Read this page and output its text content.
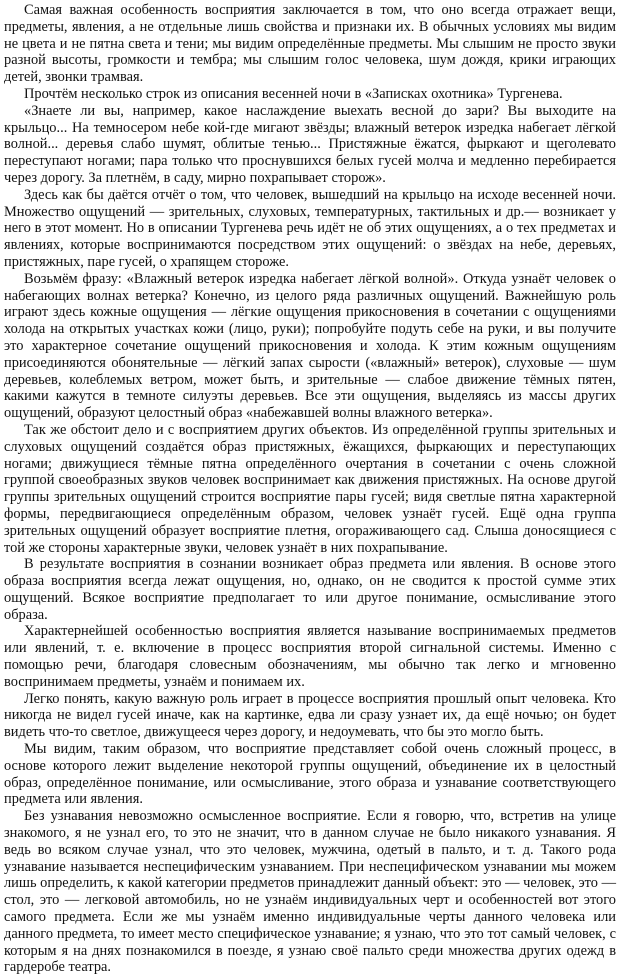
Самая важная особенность восприятия заключается в том, что оно всегда отражает вещи, предметы, явления, а не отдельные лишь свойства и признаки их. В обычных условиях мы видим не цвета и не пятна света и тени; мы видим определённые предметы. Мы слышим не просто звуки разной высоты, громкости и тембра; мы слышим голос человека, шум дождя, крики играющих детей, звонки трамвая.

Прочтём несколько строк из описания весенней ночи в «Записках охотника» Тургенева.

«Знаете ли вы, например, какое наслаждение выехать весной до зари? Вы выходите на крыльцо... На темносером небе кой-где мигают звёзды; влажный ветерок изредка набегает лёгкой волной... деревья слабо шумят, облитые тенью... Пристяжные ёжатся, фыркают и щеголевато переступают ногами; пара только что проснувшихся белых гусей молча и медленно перебирается через дорогу. За плетнём, в саду, мирно похрапывает сторож».

Здесь как бы даётся отчёт о том, что человек, вышедший на крыльцо на исходе весенней ночи. Множество ощущений — зрительных, слуховых, температурных, тактильных и др.— возникает у него в этот момент. Но в описании Тургенева речь идёт не об этих ощущениях, а о тех предметах и явлениях, которые воспринимаются посредством этих ощущений: о звёздах на небе, деревьях, пристяжных, паре гусей, о храпящем стороже.

Возьмём фразу: «Влажный ветерок изредка набегает лёгкой волной». Откуда узнаёт человек о набегающих волнах ветерка? Конечно, из целого ряда различных ощущений. Важнейшую роль играют здесь кожные ощущения — лёгкие ощущения прикосновения в сочетании с ощущениями холода на открытых участках кожи (лицо, руки); попробуйте подуть себе на руки, и вы получите это характерное сочетание ощущений прикосновения и холода. К этим кожным ощущениям присоединяются обонятельные — лёгкий запах сырости («влажный» ветерок), слуховые — шум деревьев, колеблемых ветром, может быть, и зрительные — слабое движение тёмных пятен, какими кажутся в темноте силуэты деревьев. Все эти ощущения, выделяясь из массы других ощущений, образуют целостный образ «набежавшей волны влажного ветерка».

Так же обстоит дело и с восприятием других объектов. Из определённой группы зрительных и слуховых ощущений создаётся образ пристяжных, ёжащихся, фыркающих и переступающих ногами; движущиеся тёмные пятна определённого очертания в сочетании с очень сложной группой своеобразных звуков человек воспринимает как движения пристяжных. На основе другой группы зрительных ощущений строится восприятие пары гусей; видя светлые пятна характерной формы, передвигающиеся определённым образом, человек узнаёт гусей. Ещё одна группа зрительных ощущений образует восприятие плетня, огораживающего сад. Слыша доносящиеся с той же стороны характерные звуки, человек узнаёт в них похрапывание.

В результате восприятия в сознании возникает образ предмета или явления. В основе этого образа восприятия всегда лежат ощущения, но, однако, он не сводится к простой сумме этих ощущений. Всякое восприятие предполагает то или другое понимание, осмысливание этого образа.

Характернейшей особенностью восприятия является называние воспринимаемых предметов или явлений, т. е. включение в процесс восприятия второй сигнальной системы. Именно с помощью речи, благодаря словесным обозначениям, мы обычно так легко и мгновенно воспринимаем предметы, узнаём и понимаем их.

Легко понять, какую важную роль играет в процессе восприятия прошлый опыт человека. Кто никогда не видел гусей иначе, как на картинке, едва ли сразу узнает их, да ещё ночью; он будет видеть что-то светлое, движущееся через дорогу, и недоумевать, что бы это могло быть.

Мы видим, таким образом, что восприятие представляет собой очень сложный процесс, в основе которого лежит выделение некоторой группы ощущений, объединение их в целостный образ, определённое понимание, или осмысливание, этого образа и узнавание соответствующего предмета или явления.

Без узнавания невозможно осмысленное восприятие. Если я говорю, что, встретив на улице знакомого, я не узнал его, то это не значит, что в данном случае не было никакого узнавания. Я ведь во всяком случае узнал, что это человек, мужчина, одетый в пальто, и т. д. Такого рода узнавание называется неспецифическим узнаванием. При неспецифическом узнавании мы можем лишь определить, к какой категории предметов принадлежит данный объект: это — человек, это — стол, это — легковой автомобиль, но не узнаём индивидуальных черт и особенностей вот этого самого предмета. Если же мы узнаём именно индивидуальные черты данного человека или данного предмета, то имеет место специфическое узнавание; я узнаю, что это тот самый человек, с которым я на днях познакомился в поезде, я узнаю своё пальто среди множества других одежд в гардеробе театра.
